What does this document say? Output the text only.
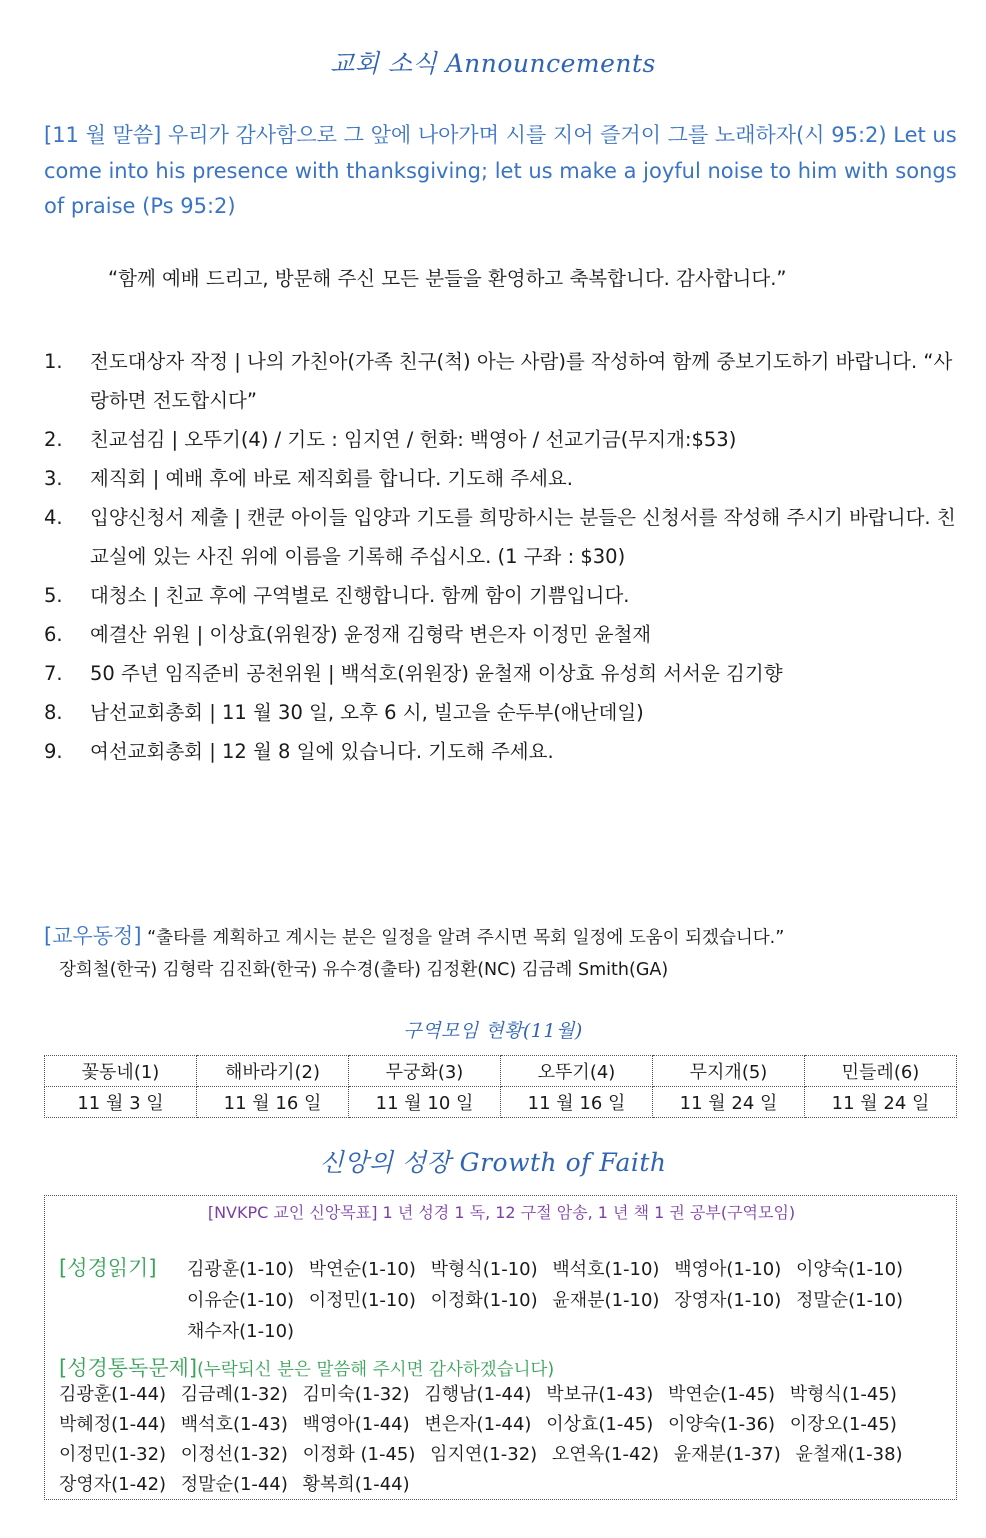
교회 소식 Announcements
[11 월 말씀] 우리가 감사함으로 그 앞에 나아가며 시를 지어 즐거이 그를 노래하자(시 95:2) Let us come into his presence with thanksgiving; let us make a joyful noise to him with songs of praise (Ps 95:2)
“함께 예배 드리고, 방문해 주신 모든 분들을 환영하고 축복합니다. 감사합니다.”
1. 전도대상자 작정 | 나의 가친아(가족 친구(척) 아는 사람)를 작성하여 함께 중보기도하기 바랍니다. “사랑하면 전도합시다”
2. 친교섬김 | 오뚜기(4) / 기도 : 임지연 / 헌화: 백영아 / 선교기금(무지개:$53)
3. 제직회 | 예배 후에 바로 제직회를 합니다. 기도해 주세요.
4. 입양신청서 제출 | 캔쿤 아이들 입양과 기도를 희망하시는 분들은 신청서를 작성해 주시기 바랍니다. 친교실에 있는 사진 위에 이름을 기록해 주십시오. (1 구좌 : $30)
5. 대청소 | 친교 후에 구역별로 진행합니다. 함께 함이 기쁨입니다.
6. 예결산 위원 | 이상효(위원장) 윤정재 김형락 변은자 이정민 윤철재
7. 50 주년 임직준비 공천위원 | 백석호(위원장) 윤철재 이상효 유성희 서서운 김기향
8. 남선교회총회 | 11 월 30 일, 오후 6 시, 빌고을 순두부(애난데일)
9. 여선교회총회 | 12 월 8 일에 있습니다. 기도해 주세요.
[교우동정] “출타를 계획하고 계시는 분은 일정을 알려 주시면 목회 일정에 도움이 되겠습니다.”
장희철(한국) 김형락 김진화(한국) 유수경(출타) 김정환(NC) 김금례 Smith(GA)
구역모임 현황(11월)
꽃동네(1)	해바라기(2)	무궁화(3)	오뚜기(4)	무지개(5)	민들레(6)
11 월 3 일	11 월 16 일	11 월 10 일	11 월 16 일	11 월 24 일	11 월 24 일
신앙의 성장 Growth of Faith
[NVKPC 교인 신앙목표] 1 년 성경 1 독, 12 구절 암송, 1 년 책 1 권 공부(구역모임)
[성경읽기] 김광훈(1-10) 박연순(1-10) 박형식(1-10) 백석호(1-10) 백영아(1-10) 이양숙(1-10) 이유순(1-10) 이정민(1-10) 이정화(1-10) 윤재분(1-10) 장영자(1-10) 정말순(1-10) 채수자(1-10)
[성경통독문제](누락되신 분은 말씀해 주시면 감사하겠습니다)
김광훈(1-44) 김금례(1-32) 김미숙(1-32) 김행남(1-44) 박보규(1-43) 박연순(1-45) 박형식(1-45) 박혜정(1-44) 백석호(1-43) 백영아(1-44) 변은자(1-44) 이상효(1-45) 이양숙(1-36) 이장오(1-45) 이정민(1-32) 이정선(1-32) 이정화 (1-45) 임지연(1-32) 오연옥(1-42) 윤재분(1-37) 윤철재(1-38) 장영자(1-42) 정말순(1-44) 황복희(1-44)
